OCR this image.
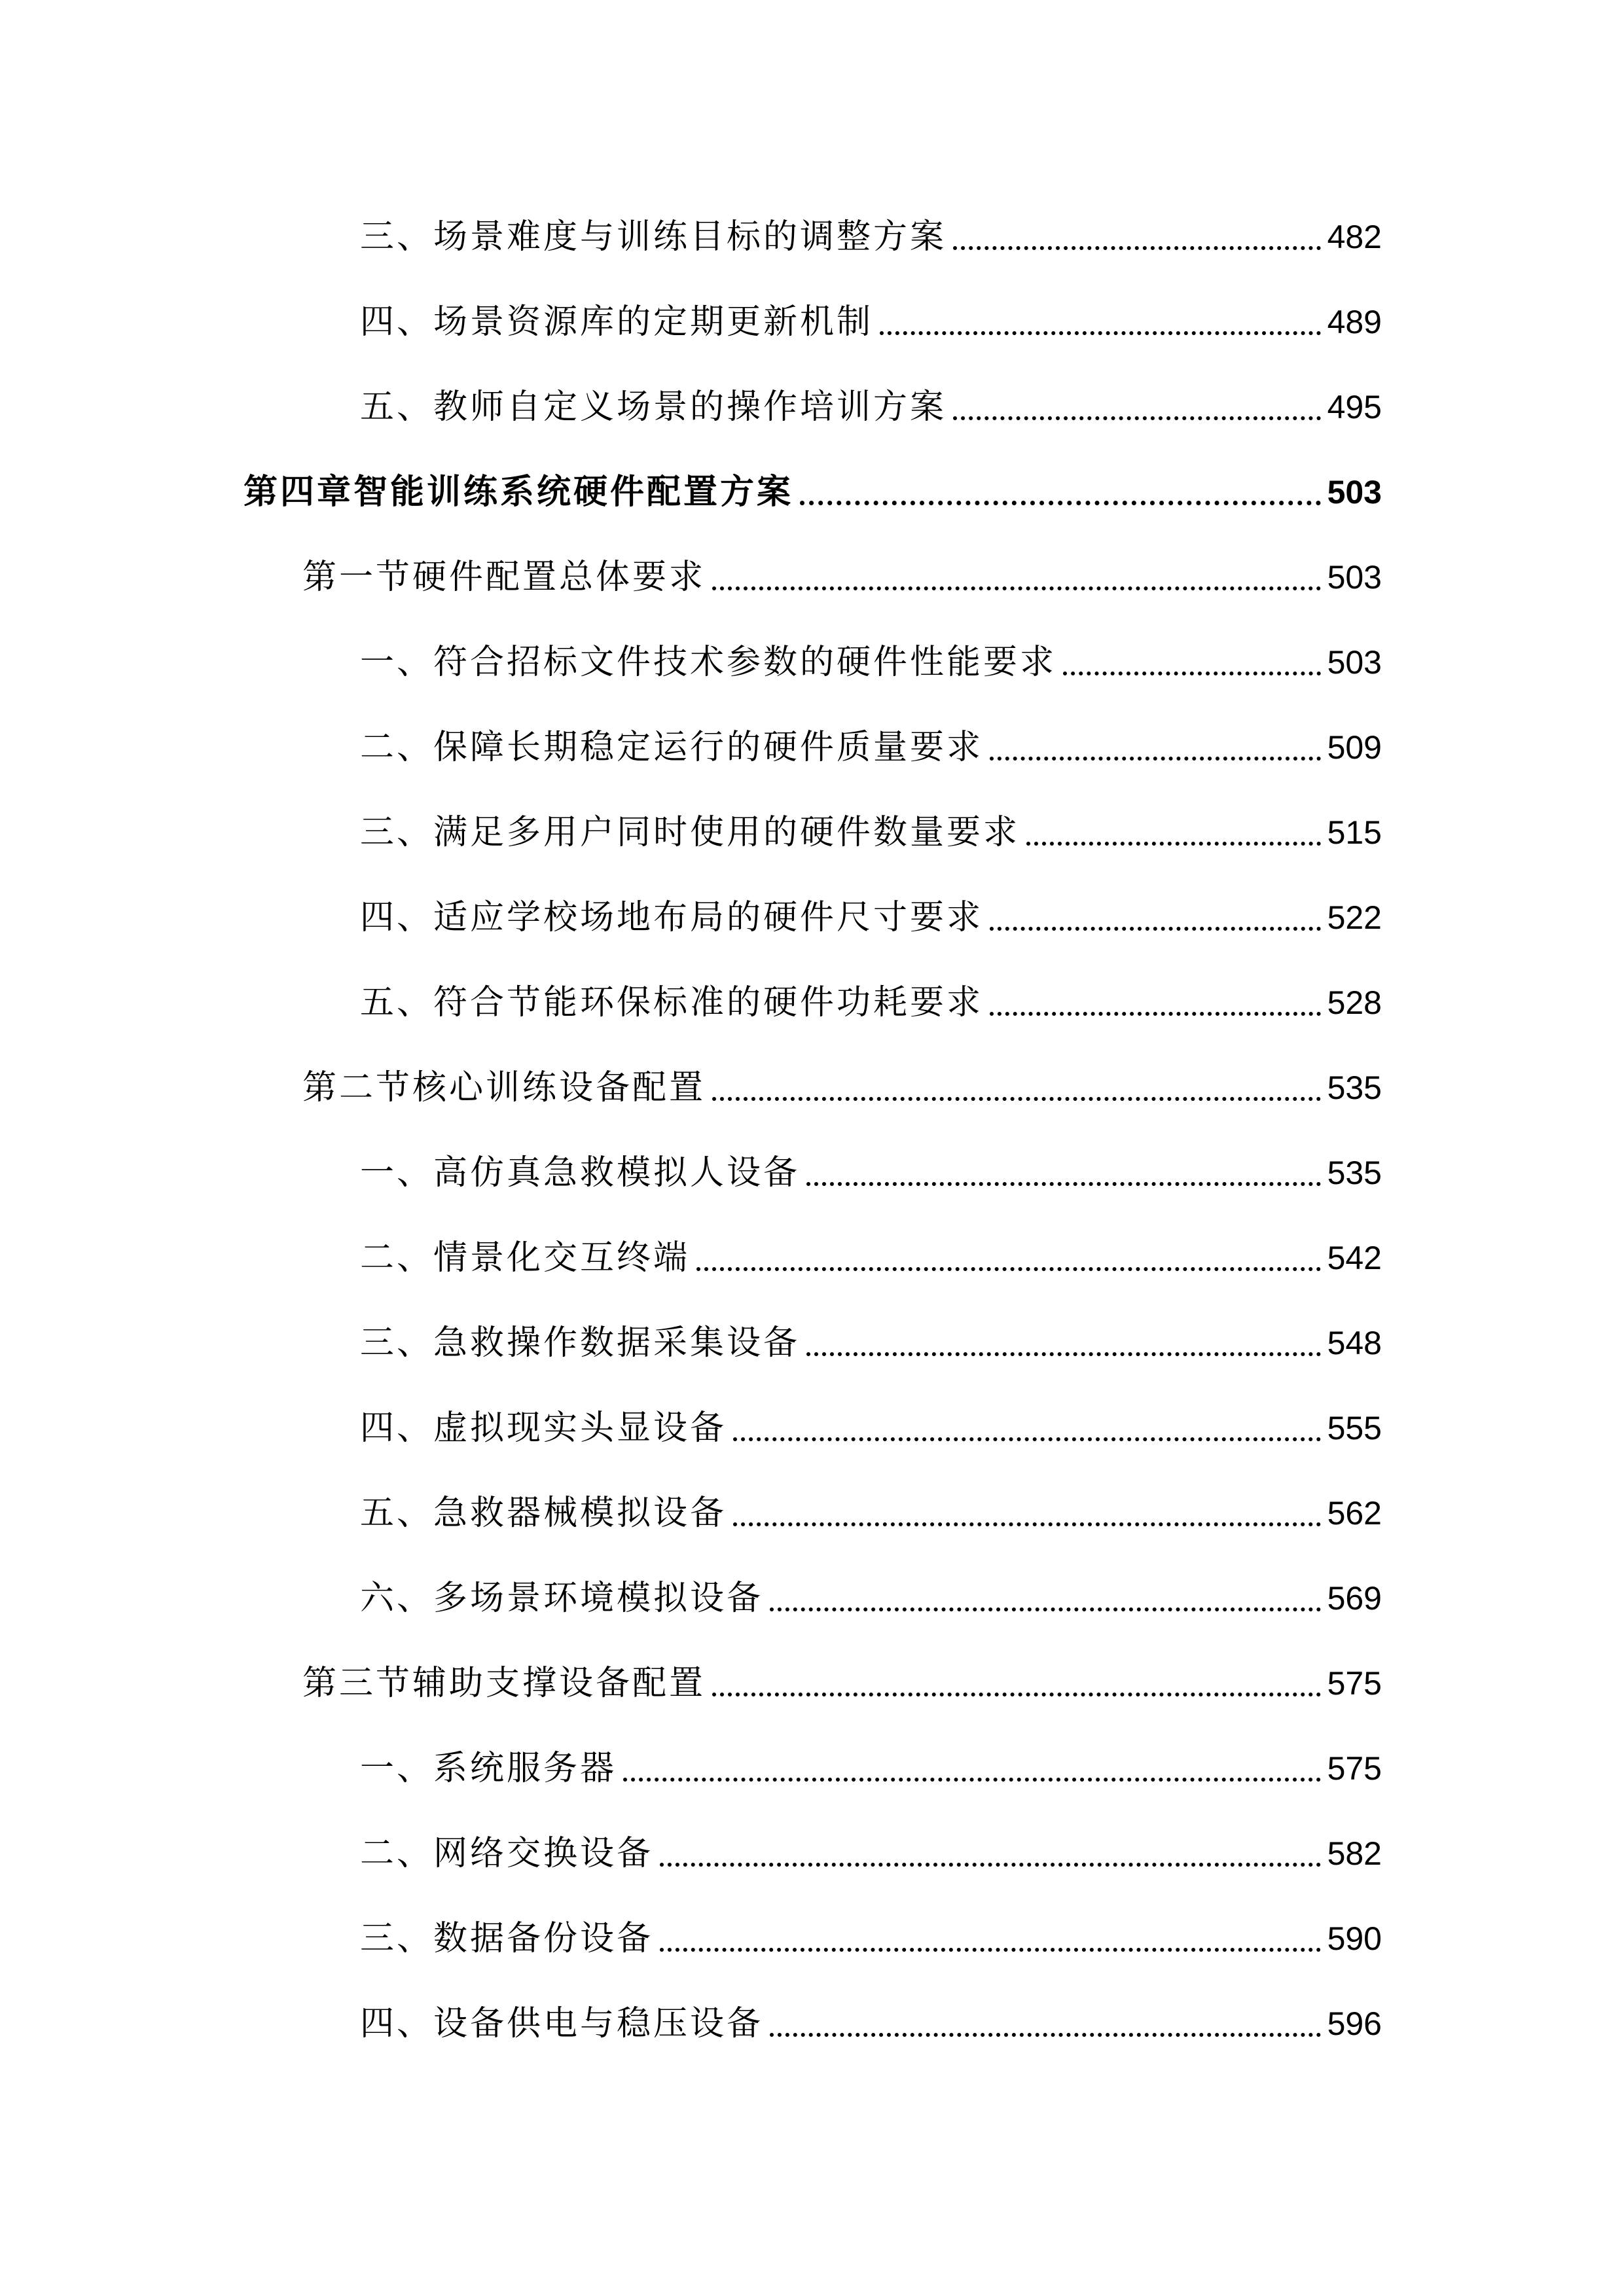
三、场景难度与训练目标的调整方案	482
四、场景资源库的定期更新机制	489
五、教师自定义场景的操作培训方案	495
第四章智能训练系统硬件配置方案	503
第一节硬件配置总体要求	503
一、符合招标文件技术参数的硬件性能要求	503
二、保障长期稳定运行的硬件质量要求	509
三、满足多用户同时使用的硬件数量要求	515
四、适应学校场地布局的硬件尺寸要求	522
五、符合节能环保标准的硬件功耗要求	528
第二节核心训练设备配置	535
一、高仿真急救模拟人设备	535
二、情景化交互终端	542
三、急救操作数据采集设备	548
四、虚拟现实头显设备	555
五、急救器械模拟设备	562
六、多场景环境模拟设备	569
第三节辅助支撑设备配置	575
一、系统服务器	575
二、网络交换设备	582
三、数据备份设备	590
四、设备供电与稳压设备	596
